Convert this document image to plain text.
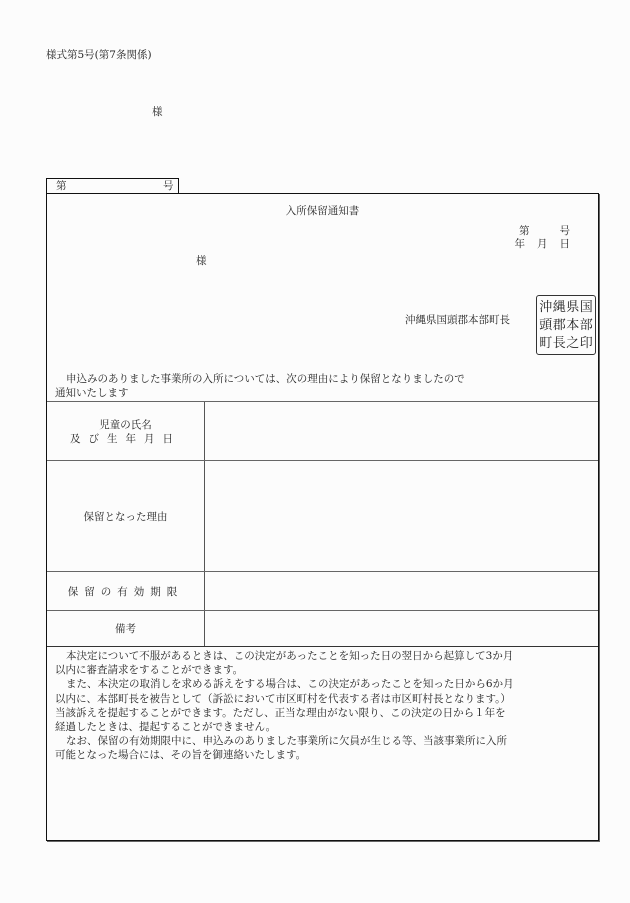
様式第5号(第7条関係)
様
第	号
入所保留通知書
第	号
年 月 日
様
沖縄県国頭郡本部町長
沖 縄 県 国
頭 郡 本 部
町 長 之 印
申込みのありました事業所の入所については、次の理由により保留となりましたので
通知いたします
児童の氏名
及び生年月日
保留となった理由
保留の有効期限
備考

本決定について不服があるときは、この決定があったことを知った日の翌日から起算して3か月

以内に審査請求をすることができます。

また、本決定の取消しを求める訴えをする場合は、この決定があったことを知った日から6か月

以内に、本部町長を被告として（訴訟において市区町村を代表する者は市区町村長となります。）

当該訴えを提起することができます。ただし、正当な理由がない限り、この決定の日から１年を

経過したときは、提起することができません。

なお、保留の有効期限中に、申込みのありました事業所に欠員が生じる等、当該事業所に入所

可能となった場合には、その旨を御連絡いたします。
